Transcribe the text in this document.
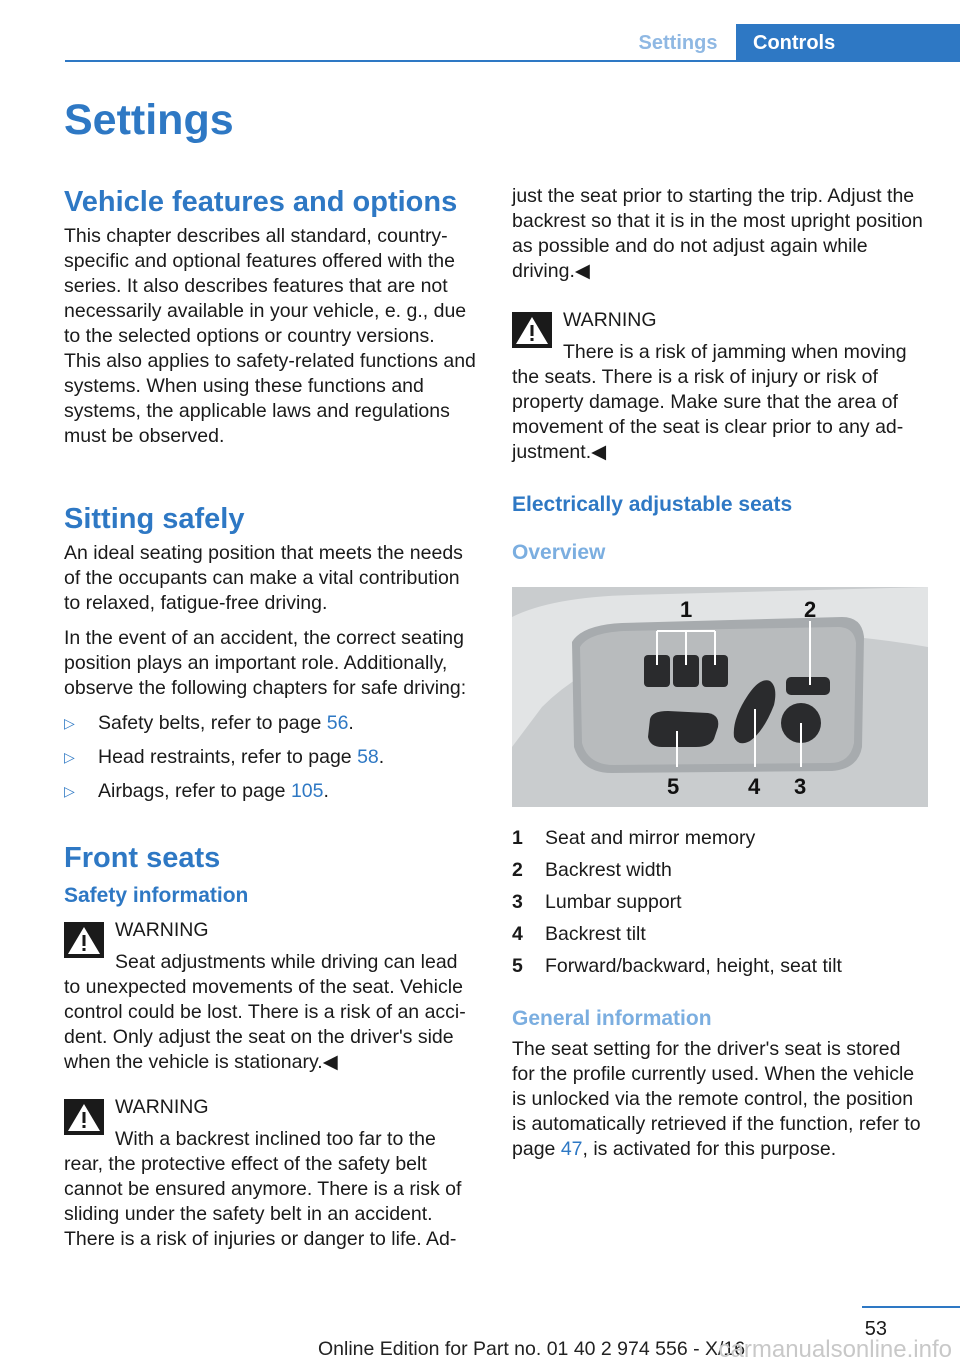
Settings	Controls
Settings
Vehicle features and options

This chapter describes all standard, country-specific and optional features offered with the series. It also describes features that are not necessarily available in your vehicle, e. g., due to the selected options or country versions. This also applies to safety-related functions and systems. When using these functions and systems, the applicable laws and regulations must be observed.

Sitting safely

An ideal seating position that meets the needs of the occupants can make a vital contribution to relaxed, fatigue-free driving.

In the event of an accident, the correct seating position plays an important role. Additionally, observe the following chapters for safe driving:

▷ Safety belts, refer to page 56.
▷ Head restraints, refer to page 58.
▷ Airbags, refer to page 105.
Front seats
Safety information
WARNING
Seat adjustments while driving can lead to unexpected movements of the seat. Vehicle control could be lost. There is a risk of an acci-dent. Only adjust the seat on the driver's side when the vehicle is stationary.◀
WARNING
With a backrest inclined too far to the rear, the protective effect of the safety belt cannot be ensured anymore. There is a risk of sliding under the safety belt in an accident. There is a risk of injuries or danger to life. Ad-

just the seat prior to starting the trip. Adjust the backrest so that it is in the most upright position as possible and do not adjust again while driving.◀

WARNING
There is a risk of jamming when moving the seats. There is a risk of injury or risk of property damage. Make sure that the area of movement of the seat is clear prior to any ad-justment.◀
Electrically adjustable seats
Overview
1	2
3
4
5
1	Seat and mirror memory
2	Backrest width
3	Lumbar support
4	Backrest tilt
5	Forward/backward, height, seat tilt
General information

The seat setting for the driver's seat is stored for the profile currently used. When the vehicle is unlocked via the remote control, the position is automatically retrieved if the function, refer to page 47, is activated for this purpose.

53
Online Edition for Part no. 01 40 2 974 556 - X/16
carmanualsonline.info
